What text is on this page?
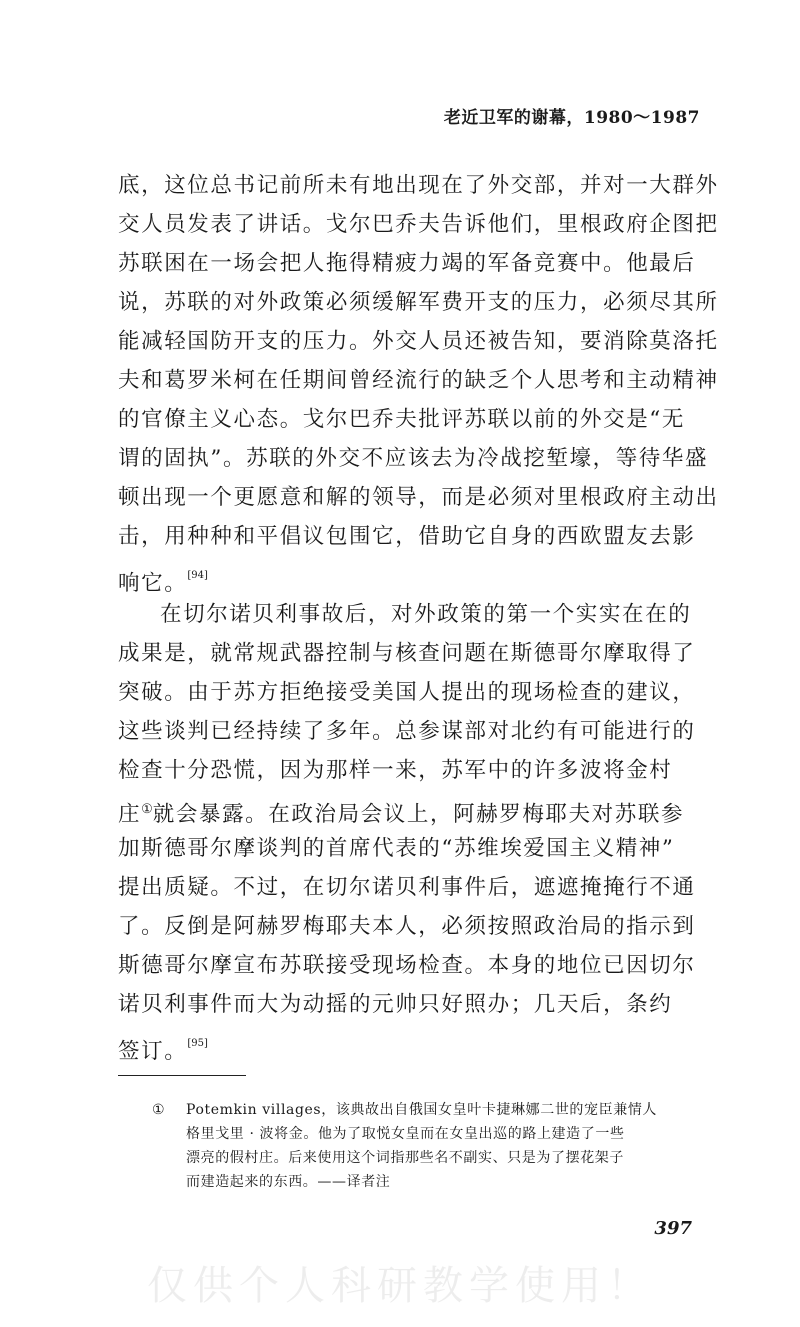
老近卫军的谢幕，1980～1987
底，这位总书记前所未有地出现在了外交部，并对一大群外
交人员发表了讲话。戈尔巴乔夫告诉他们，里根政府企图把
苏联困在一场会把人拖得精疲力竭的军备竞赛中。他最后
说，苏联的对外政策必须缓解军费开支的压力，必须尽其所
能减轻国防开支的压力。外交人员还被告知，要消除莫洛托
夫和葛罗米柯在任期间曾经流行的缺乏个人思考和主动精神
的官僚主义心态。戈尔巴乔夫批评苏联以前的外交是“无
谓的固执”。苏联的外交不应该去为冷战挖堑壕，等待华盛
顿出现一个更愿意和解的领导，而是必须对里根政府主动出
击，用种种和平倡议包围它，借助它自身的西欧盟友去影
响它。[94]
在切尔诺贝利事故后，对外政策的第一个实实在在的
成果是，就常规武器控制与核查问题在斯德哥尔摩取得了
突破。由于苏方拒绝接受美国人提出的现场检查的建议，
这些谈判已经持续了多年。总参谋部对北约有可能进行的
检查十分恐慌，因为那样一来，苏军中的许多波将金村
庄①就会暴露。在政治局会议上，阿赫罗梅耶夫对苏联参
加斯德哥尔摩谈判的首席代表的“苏维埃爱国主义精神”
提出质疑。不过，在切尔诺贝利事件后，遮遮掩掩行不通
了。反倒是阿赫罗梅耶夫本人，必须按照政治局的指示到
斯德哥尔摩宣布苏联接受现场检查。本身的地位已因切尔
诺贝利事件而大为动摇的元帅只好照办；几天后，条约
签订。[95]
①	Potemkin villages，该典故出自俄国女皇叶卡捷琳娜二世的宠臣兼情人
格里戈里 · 波将金。他为了取悦女皇而在女皇出巡的路上建造了一些
漂亮的假村庄。后来使用这个词指那些名不副实、只是为了摆花架子
而建造起来的东西。——译者注
397
仅供个人科研教学使用！
